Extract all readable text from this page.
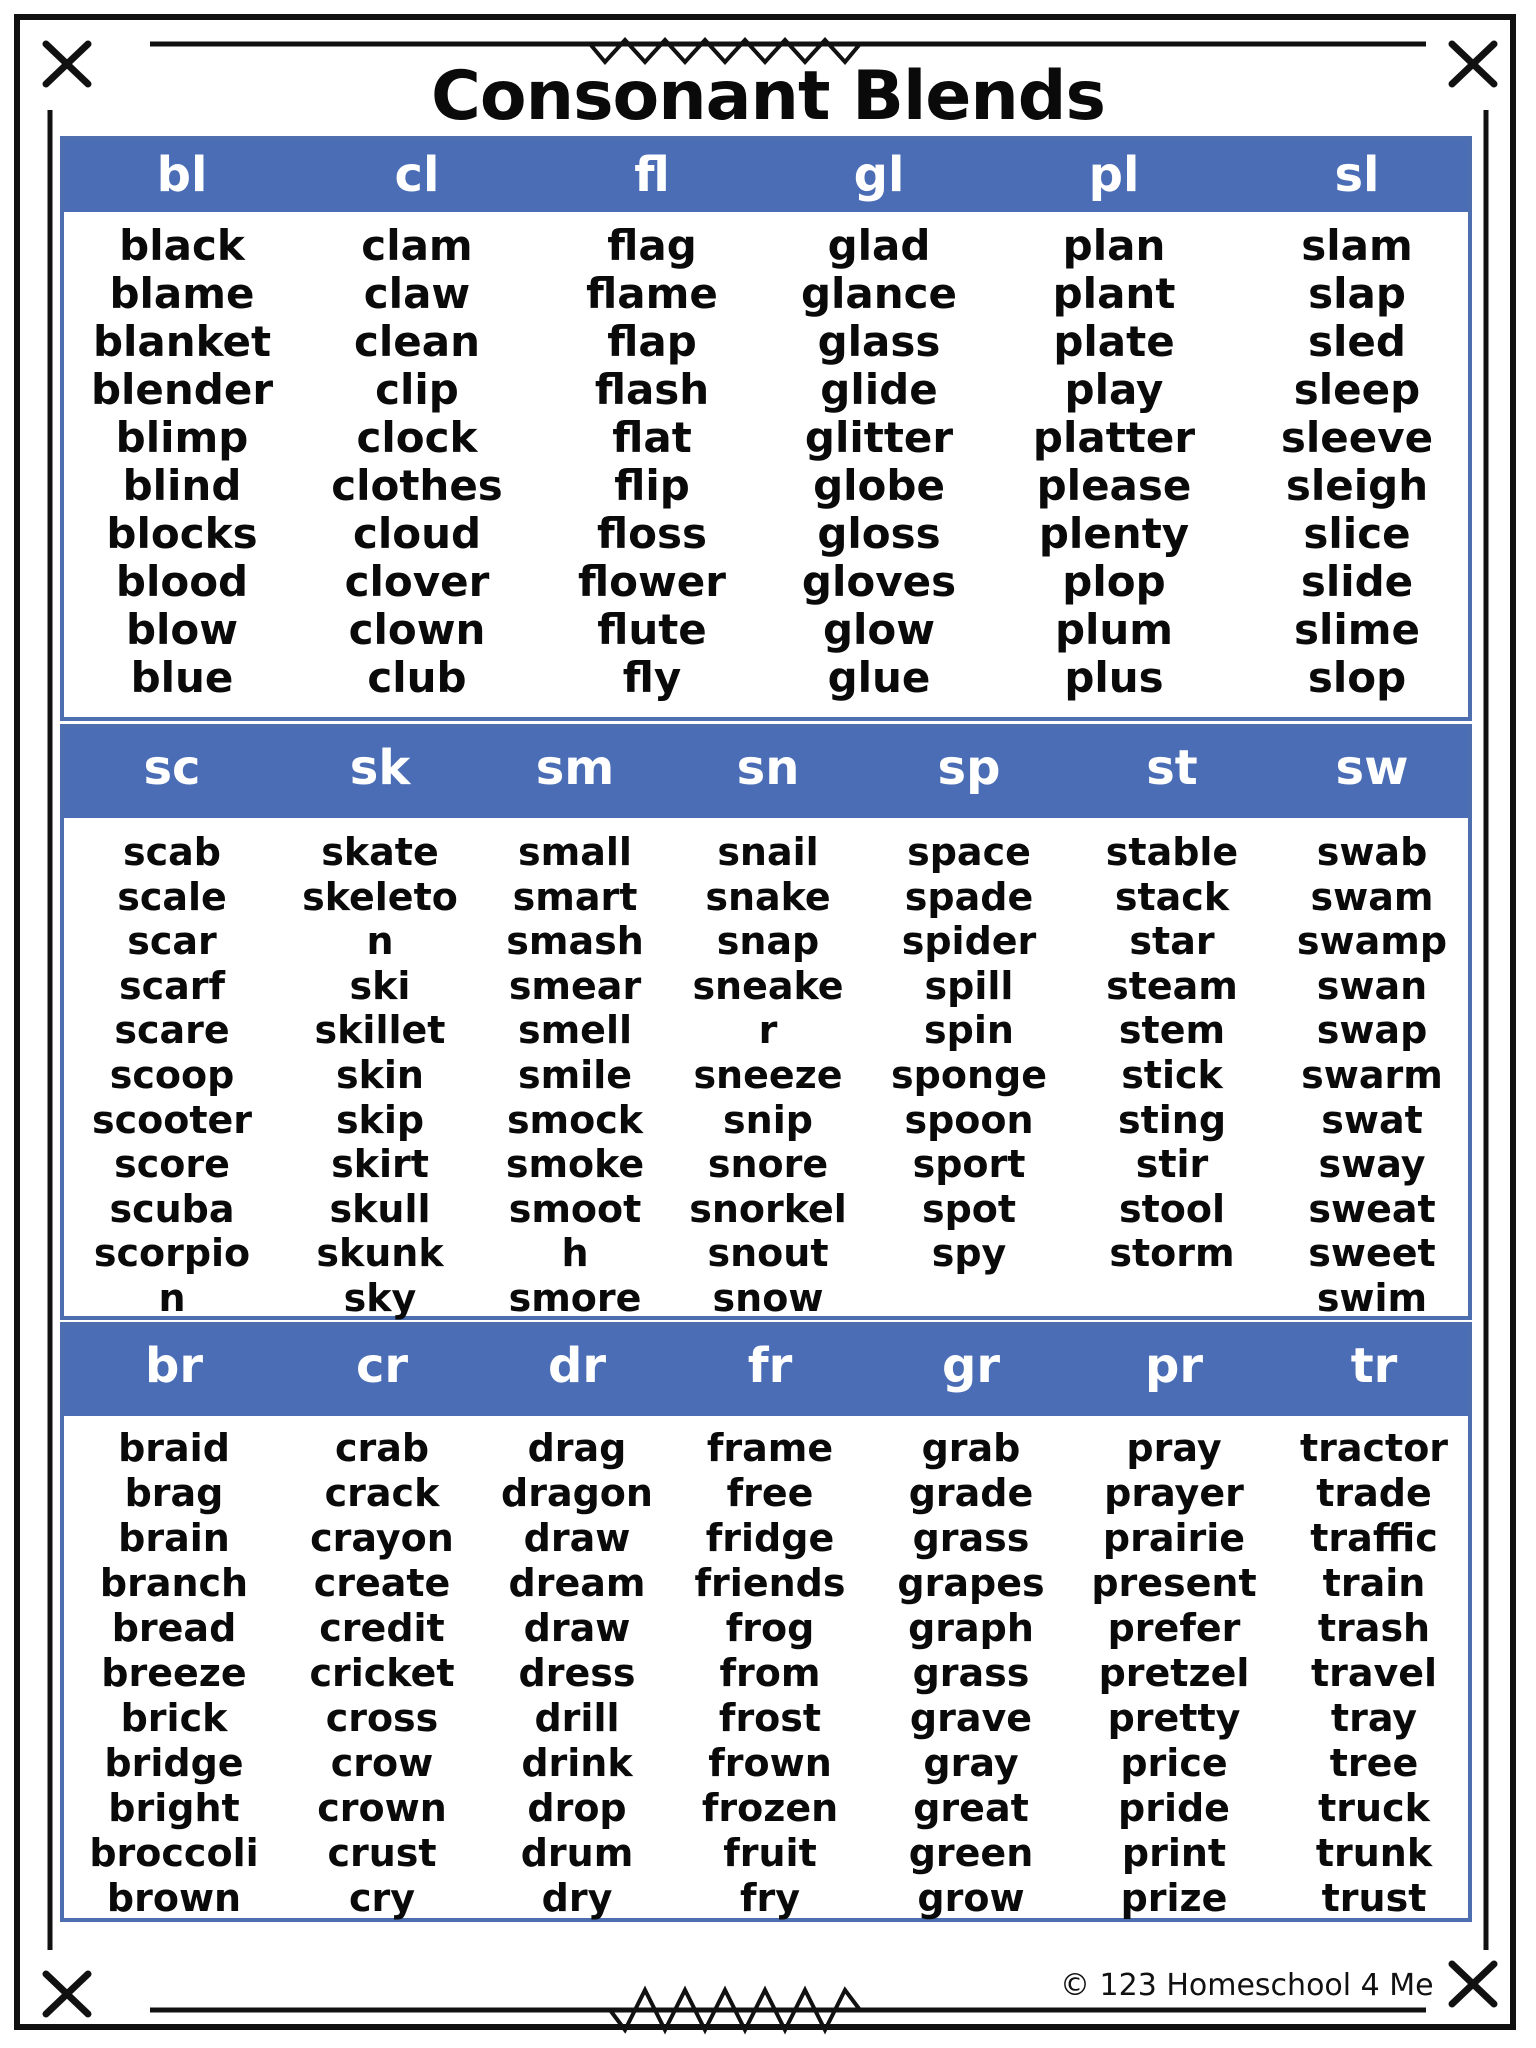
Consonant Blends
bl
black
blame
blanket
blender
blimp
blind
blocks
blood
blow
blue
cl
clam
claw
clean
clip
clock
clothes
cloud
clover
clown
club
fl
flag
flame
flap
flash
flat
flip
floss
flower
flute
fly
gl
glad
glance
glass
glide
glitter
globe
gloss
gloves
glow
glue
pl
plan
plant
plate
play
platter
please
plenty
plop
plum
plus
sl
slam
slap
sled
sleep
sleeve
sleigh
slice
slide
slime
slop
sc
scab
scale
scar
scarf
scare
scoop
scooter
score
scuba
scorpio
n
sk
skate
skeleto
n
ski
skillet
skin
skip
skirt
skull
skunk
sky
sm
small
smart
smash
smear
smell
smile
smock
smoke
smoot
h
smore
sn
snail
snake
snap
sneake
r
sneeze
snip
snore
snorkel
snout
snow
sp
space
spade
spider
spill
spin
sponge
spoon
sport
spot
spy
st
stable
stack
star
steam
stem
stick
sting
stir
stool
storm
sw
swab
swam
swamp
swan
swap
swarm
swat
sway
sweat
sweet
swim
br
braid
brag
brain
branch
bread
breeze
brick
bridge
bright
broccoli
brown
cr
crab
crack
crayon
create
credit
cricket
cross
crow
crown
crust
cry
dr
drag
dragon
draw
dream
draw
dress
drill
drink
drop
drum
dry
fr
frame
free
fridge
friends
frog
from
frost
frown
frozen
fruit
fry
gr
grab
grade
grass
grapes
graph
grass
grave
gray
great
green
grow
pr
pray
prayer
prairie
present
prefer
pretzel
pretty
price
pride
print
prize
tr
tractor
trade
traffic
train
trash
travel
tray
tree
truck
trunk
trust
© 123 Homeschool 4 Me
